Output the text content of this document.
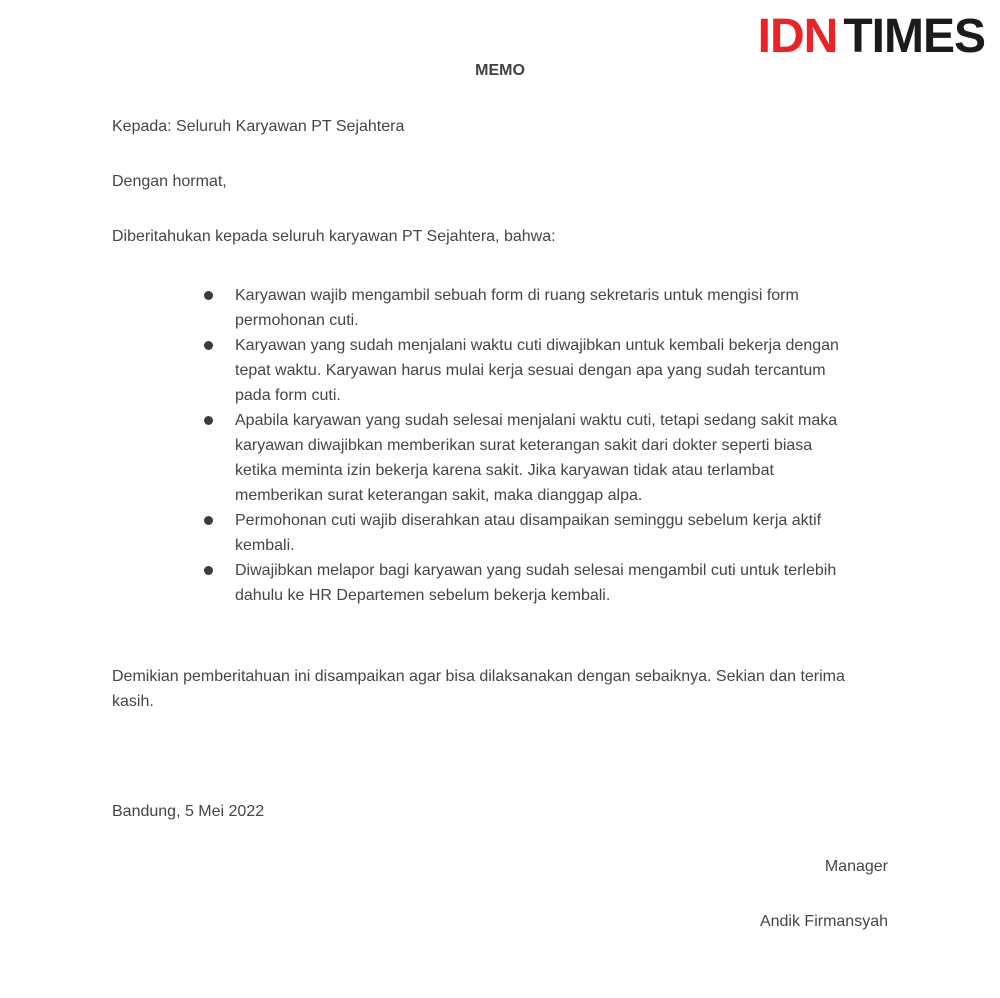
IDN TIMES
MEMO
Kepada: Seluruh Karyawan PT Sejahtera
Dengan hormat,
Diberitahukan kepada seluruh karyawan PT Sejahtera, bahwa:
Karyawan wajib mengambil sebuah form di ruang sekretaris untuk mengisi form permohonan cuti.
Karyawan yang sudah menjalani waktu cuti diwajibkan untuk kembali bekerja dengan tepat waktu. Karyawan harus mulai kerja sesuai dengan apa yang sudah tercantum pada form cuti.
Apabila karyawan yang sudah selesai menjalani waktu cuti, tetapi sedang sakit maka karyawan diwajibkan memberikan surat keterangan sakit dari dokter seperti biasa ketika meminta izin bekerja karena sakit. Jika karyawan tidak atau terlambat memberikan surat keterangan sakit, maka dianggap alpa.
Permohonan cuti wajib diserahkan atau disampaikan seminggu sebelum kerja aktif kembali.
Diwajibkan melapor bagi karyawan yang sudah selesai mengambil cuti untuk terlebih dahulu ke HR Departemen sebelum bekerja kembali.
Demikian pemberitahuan ini disampaikan agar bisa dilaksanakan dengan sebaiknya. Sekian dan terima kasih.
Bandung, 5 Mei 2022
Manager
Andik Firmansyah
